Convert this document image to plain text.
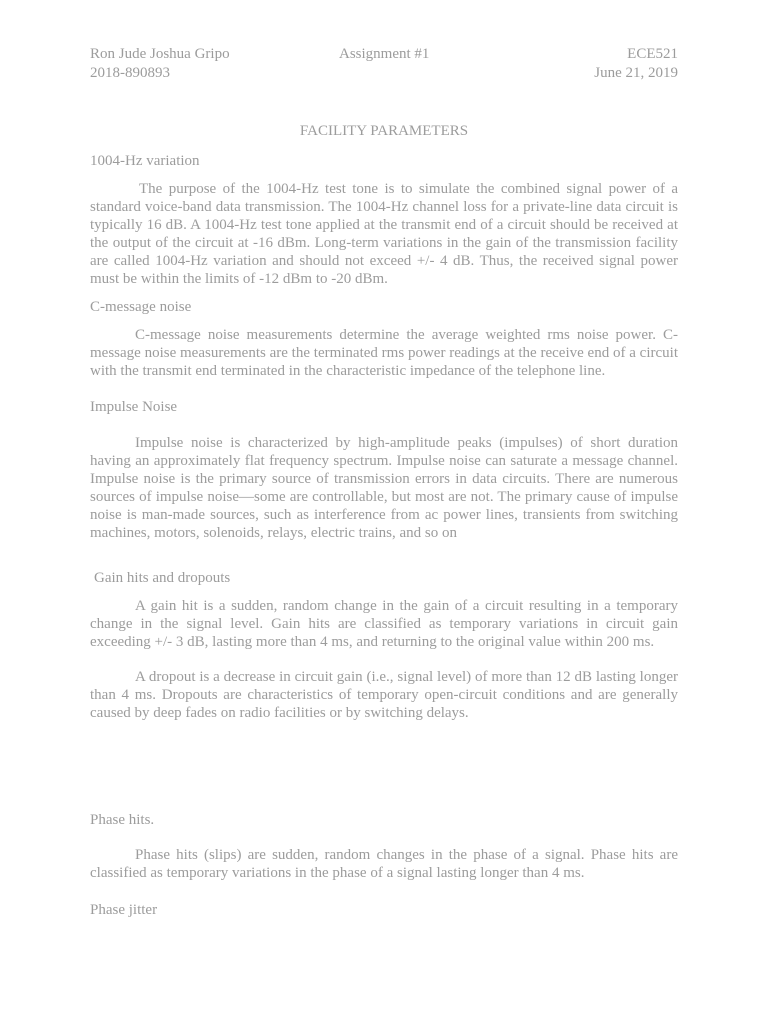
Ron Jude Joshua Gripo
2018-890893
Assignment #1	ECE521
June 21, 2019
FACILITY PARAMETERS
1004-Hz variation

The purpose of the 1004-Hz test tone is to simulate the combined signal power of a standard voice-band data transmission. The 1004-Hz channel loss for a private-line data circuit is typically 16 dB. A 1004-Hz test tone applied at the transmit end of a circuit should be received at the output of the circuit at -16 dBm. Long-term variations in the gain of the transmission facility are called 1004-Hz variation and should not exceed +/- 4 dB. Thus, the received signal power must be within the limits of -12 dBm to -20 dBm.

C-message noise

C-message noise measurements determine the average weighted rms noise power. C-message noise measurements are the terminated rms power readings at the receive end of a circuit with the transmit end terminated in the characteristic impedance of the telephone line.

Impulse Noise

Impulse noise is characterized by high-amplitude peaks (impulses) of short duration having an approximately flat frequency spectrum. Impulse noise can saturate a message channel. Impulse noise is the primary source of transmission errors in data circuits. There are numerous sources of impulse noise—some are controllable, but most are not. The primary cause of impulse noise is man-made sources, such as interference from ac power lines, transients from switching machines, motors, solenoids, relays, electric trains, and so on

Gain hits and dropouts

A gain hit is a sudden, random change in the gain of a circuit resulting in a temporary change in the signal level. Gain hits are classified as temporary variations in circuit gain exceeding +/- 3 dB, lasting more than 4 ms, and returning to the original value within 200 ms.

A dropout is a decrease in circuit gain (i.e., signal level) of more than 12 dB lasting longer than 4 ms. Dropouts are characteristics of temporary open-circuit conditions and are generally caused by deep fades on radio facilities or by switching delays.

Phase hits.

Phase hits (slips) are sudden, random changes in the phase of a signal. Phase hits are classified as temporary variations in the phase of a signal lasting longer than 4 ms.

Phase jitter
